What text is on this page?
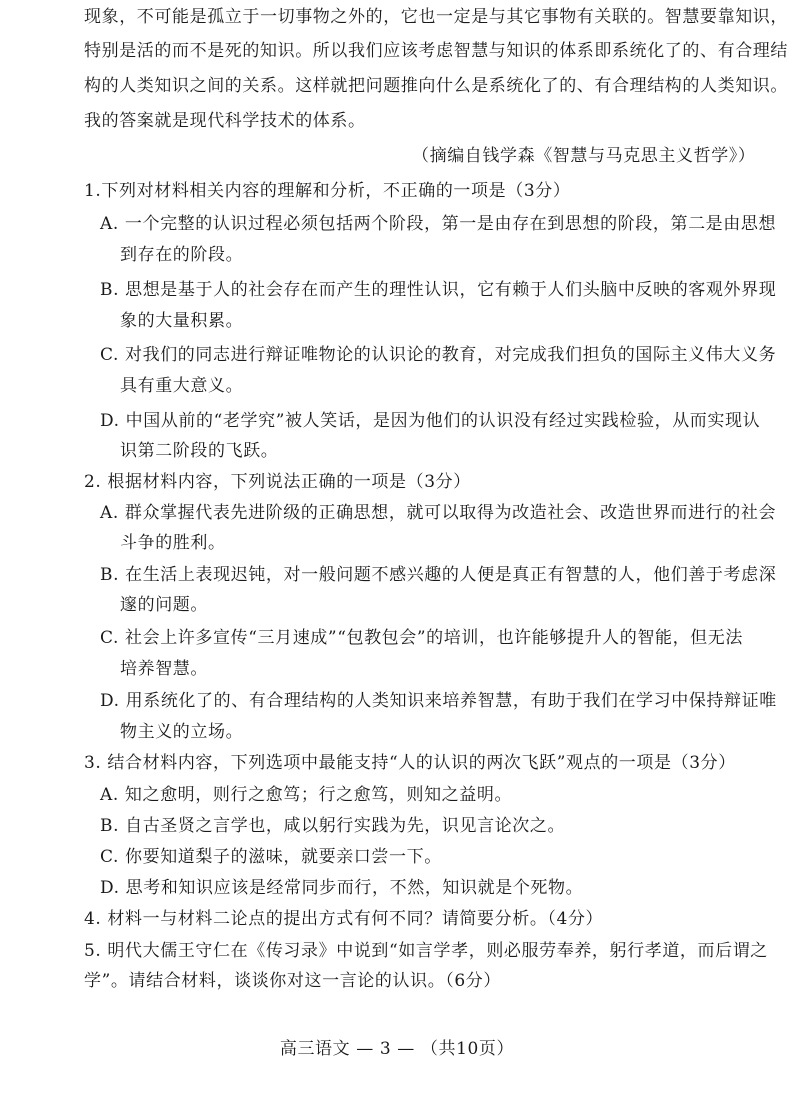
现象，不可能是孤立于一切事物之外的，它也一定是与其它事物有关联的。智慧要靠知识，
特别是活的而不是死的知识。所以我们应该考虑智慧与知识的体系即系统化了的、有合理结
构的人类知识之间的关系。这样就把问题推向什么是系统化了的、有合理结构的人类知识。
我的答案就是现代科学技术的体系。
（摘编自钱学森《智慧与马克思主义哲学》）
1.下列对材料相关内容的理解和分析，不正确的一项是（3分）
A. 一个完整的认识过程必须包括两个阶段，第一是由存在到思想的阶段，第二是由思想
到存在的阶段。
B. 思想是基于人的社会存在而产生的理性认识，它有赖于人们头脑中反映的客观外界现
象的大量积累。
C. 对我们的同志进行辩证唯物论的认识论的教育，对完成我们担负的国际主义伟大义务
具有重大意义。
D. 中国从前的“老学究”被人笑话，是因为他们的认识没有经过实践检验，从而实现认
识第二阶段的飞跃。
2. 根据材料内容，下列说法正确的一项是（3分）
A. 群众掌握代表先进阶级的正确思想，就可以取得为改造社会、改造世界而进行的社会
斗争的胜利。
B. 在生活上表现迟钝，对一般问题不感兴趣的人便是真正有智慧的人，他们善于考虑深
邃的问题。
C. 社会上许多宣传“三月速成”“包教包会”的培训，也许能够提升人的智能，但无法
培养智慧。
D. 用系统化了的、有合理结构的人类知识来培养智慧，有助于我们在学习中保持辩证唯
物主义的立场。
3. 结合材料内容，下列选项中最能支持“人的认识的两次飞跃”观点的一项是（3分）
A. 知之愈明，则行之愈笃；行之愈笃，则知之益明。
B. 自古圣贤之言学也，咸以躬行实践为先，识见言论次之。
C. 你要知道梨子的滋味，就要亲口尝一下。
D. 思考和知识应该是经常同步而行，不然，知识就是个死物。
4. 材料一与材料二论点的提出方式有何不同？请简要分析。（4分）
5. 明代大儒王守仁在《传习录》中说到“如言学孝，则必服劳奉养，躬行孝道，而后谓之
学”。请结合材料，谈谈你对这一言论的认识。（6分）
高三语文 — 3 — （共10页）
